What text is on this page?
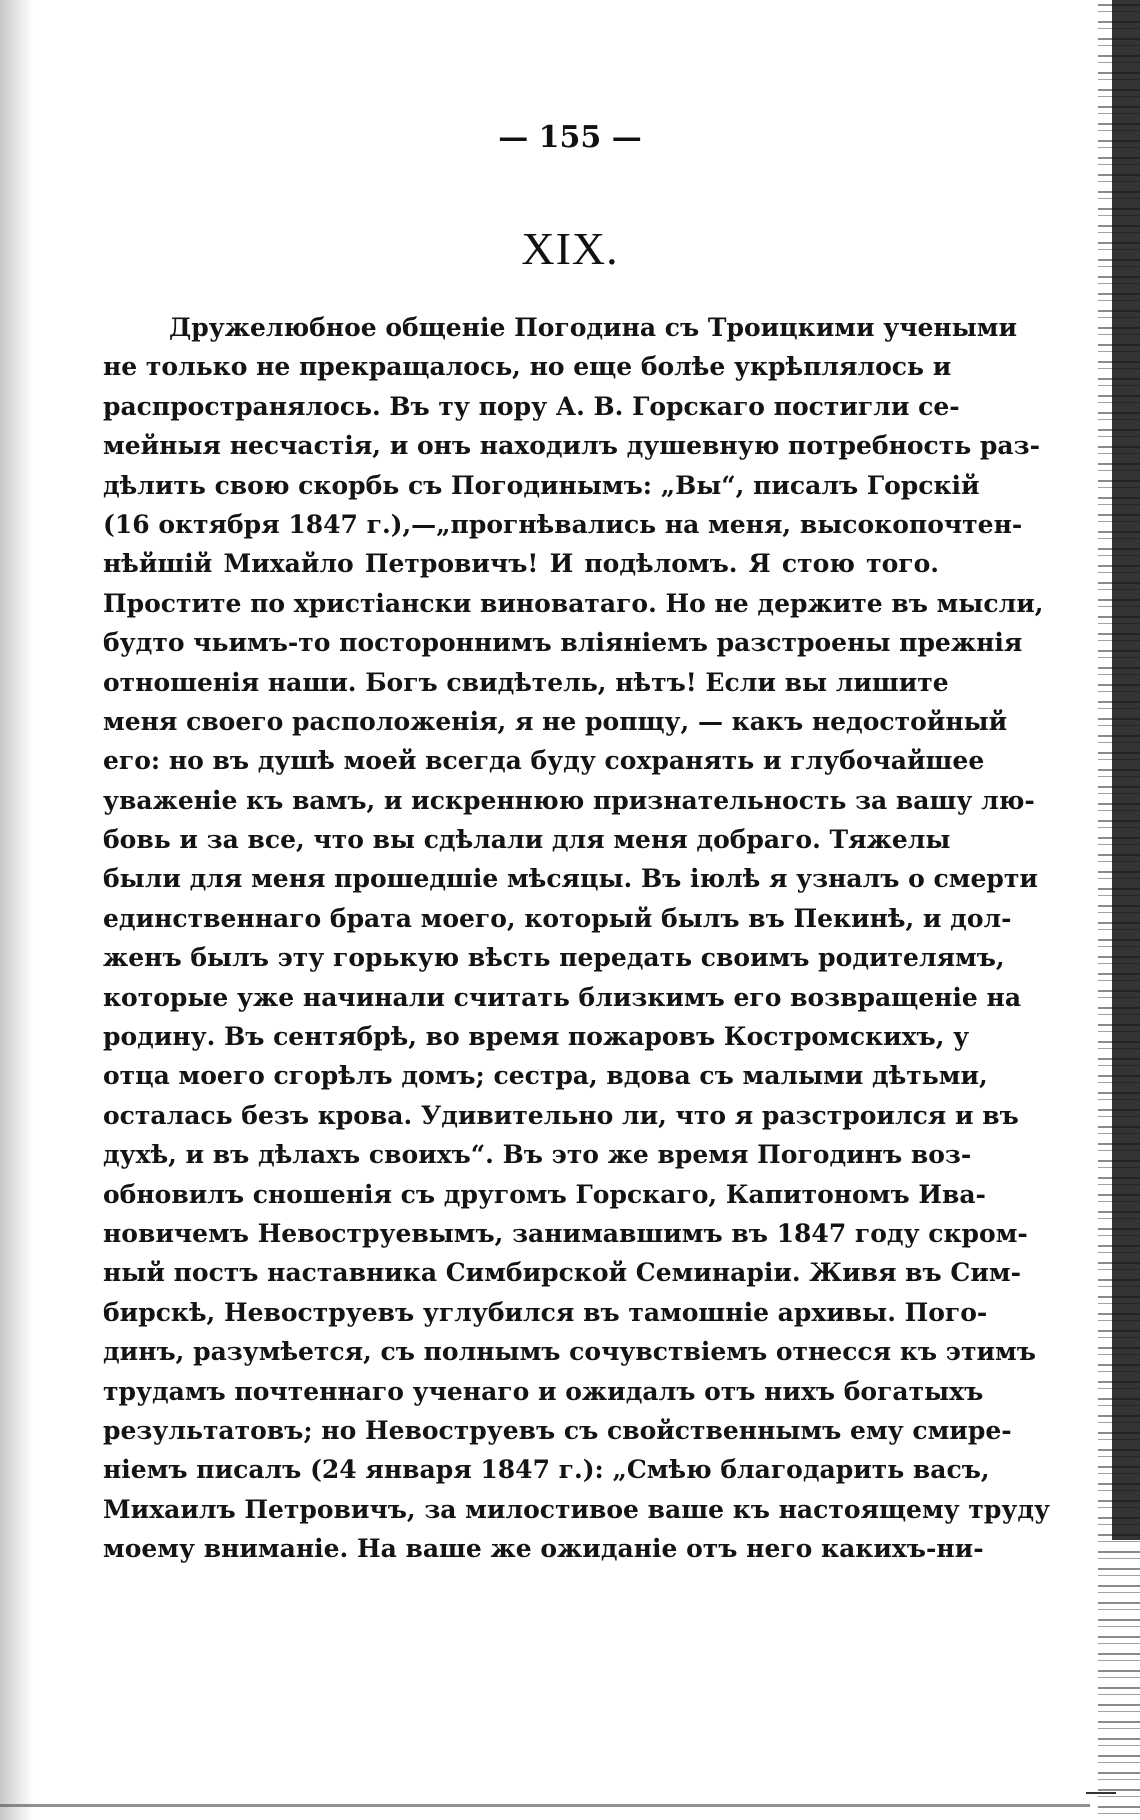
— 155 —
XIX.
Дружелюбное общеніе Погодина съ Троицкими учеными
не только не прекращалось, но еще болѣе укрѣплялось и
распространялось. Въ ту пору А. В. Горскаго постигли се-
мейныя несчастія, и онъ находилъ душевную потребность раз-
дѣлить свою скорбь съ Погодинымъ: „Вы“, писалъ Горскій
(16 октября 1847 г.),—„прогнѣвались на меня, высокопочтен-
нѣйшій Михайло Петровичъ! И подѣломъ. Я стою того.
Простите по христіански виноватаго. Но не держите въ мысли,
будто чьимъ-то постороннимъ вліяніемъ разстроены прежнія
отношенія наши. Богъ свидѣтель, нѣтъ! Если вы лишите
меня своего расположенія, я не ропщу, — какъ недостойный
его: но въ душѣ моей всегда буду сохранять и глубочайшее
уваженіе къ вамъ, и искреннюю признательность за вашу лю-
бовь и за все, что вы сдѣлали для меня добраго. Тяжелы
были для меня прошедшіе мѣсяцы. Въ іюлѣ я узналъ о смерти
единственнаго брата моего, который былъ въ Пекинѣ, и дол-
женъ былъ эту горькую вѣсть передать своимъ родителямъ,
которые уже начинали считать близкимъ его возвращеніе на
родину. Въ сентябрѣ, во время пожаровъ Костромскихъ, у
отца моего сгорѣлъ домъ; сестра, вдова съ малыми дѣтьми,
осталась безъ крова. Удивительно ли, что я разстроился и въ
духѣ, и въ дѣлахъ своихъ“. Въ это же время Погодинъ воз-
обновилъ сношенія съ другомъ Горскаго, Капитономъ Ива-
новичемъ Невоструевымъ, занимавшимъ въ 1847 году скром-
ный постъ наставника Симбирской Семинаріи. Живя въ Сим-
бирскѣ, Невоструевъ углубился въ тамошніе архивы. Пого-
динъ, разумѣется, съ полнымъ сочувствіемъ отнесся къ этимъ
трудамъ почтеннаго ученаго и ожидалъ отъ нихъ богатыхъ
результатовъ; но Невоструевъ съ свойственнымъ ему смире-
ніемъ писалъ (24 января 1847 г.): „Смѣю благодарить васъ,
Михаилъ Петровичъ, за милостивое ваше къ настоящему труду
моему вниманіе. На ваше же ожиданіе отъ него какихъ-ни-
